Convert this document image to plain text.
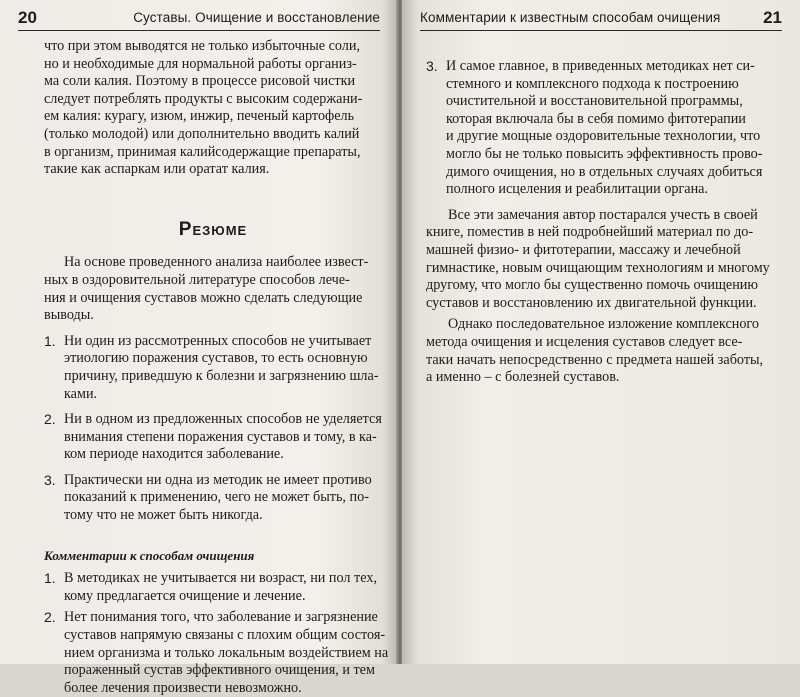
20	Суставы. Очищение и восстановление
что при этом выводятся не только избыточные соли,
но и необходимые для нормальной работы организ-
ма соли калия. Поэтому в процессе рисовой чистки
следует потреблять продукты с высоким содержани-
ем калия: курагу, изюм, инжир, печеный картофель
(только молодой) или дополнительно вводить калий
в организм, принимая калийсодержащие препараты,
такие как аспаркам или оратат калия.
Резюме
На основе проведенного анализа наиболее извест-
ных в оздоровительной литературе способов лече-
ния и очищения суставов можно сделать следующие
выводы.
1. Ни один из рассмотренных способов не учитывает
этиологию поражения суставов, то есть основную
причину, приведшую к болезни и загрязнению шла-
ками.
2. Ни в одном из предложенных способов не уделяется
внимания степени поражения суставов и тому, в ка-
ком периоде находится заболевание.
3. Практически ни одна из методик не имеет противо
показаний к применению, чего не может быть, по-
тому что не может быть никогда.
Комментарии к способам очищения
1. В методиках не учитывается ни возраст, ни пол тех,
кому предлагается очищение и лечение.
2. Нет понимания того, что заболевание и загрязнение
суставов напрямую связаны с плохим общим состоя-
нием организма и только локальным воздействием на
пораженный сустав эффективного очищения, и тем
более лечения произвести невозможно.
Комментарии к известным способам очищения	21
3. И самое главное, в приведенных методиках нет си-
стемного и комплексного подхода к построению
очистительной и восстановительной программы,
которая включала бы в себя помимо фитотерапии
и другие мощные оздоровительные технологии, что
могло бы не только повысить эффективность прово-
димого очищения, но в отдельных случаях добиться
полного исцеления и реабилитации органа.
Все эти замечания автор постарался учесть в своей
книге, поместив в ней подробнейший материал по до-
машней физио- и фитотерапии, массажу и лечебной
гимнастике, новым очищающим технологиям и многому
другому, что могло бы существенно помочь очищению
суставов и восстановлению их двигательной функции.
Однако последовательное изложение комплексного
метода очищения и исцеления суставов следует все-
таки начать непосредственно с предмета нашей заботы,
а именно – с болезней суставов.
